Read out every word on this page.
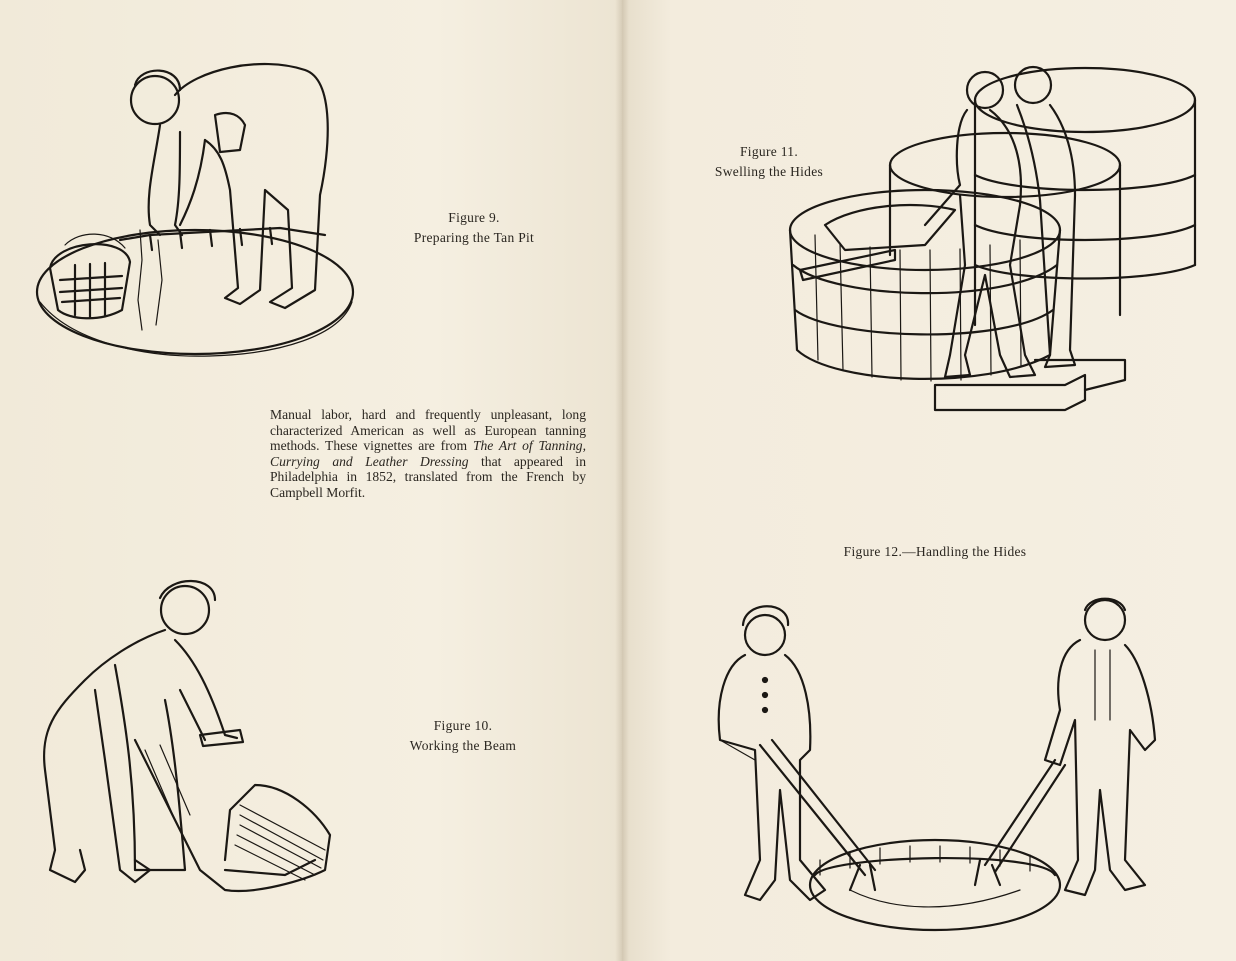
Figure 9.
Preparing the Tan Pit
Manual labor, hard and frequently unpleasant, long characterized American as well as European tanning methods. These vignettes are from The Art of Tanning, Currying and Leather Dressing that appeared in Philadelphia in 1852, translated from the French by Campbell Morfit.
Figure 10.
Working the Beam
Figure 11.
Swelling the Hides
Figure 12.—Handling the Hides
